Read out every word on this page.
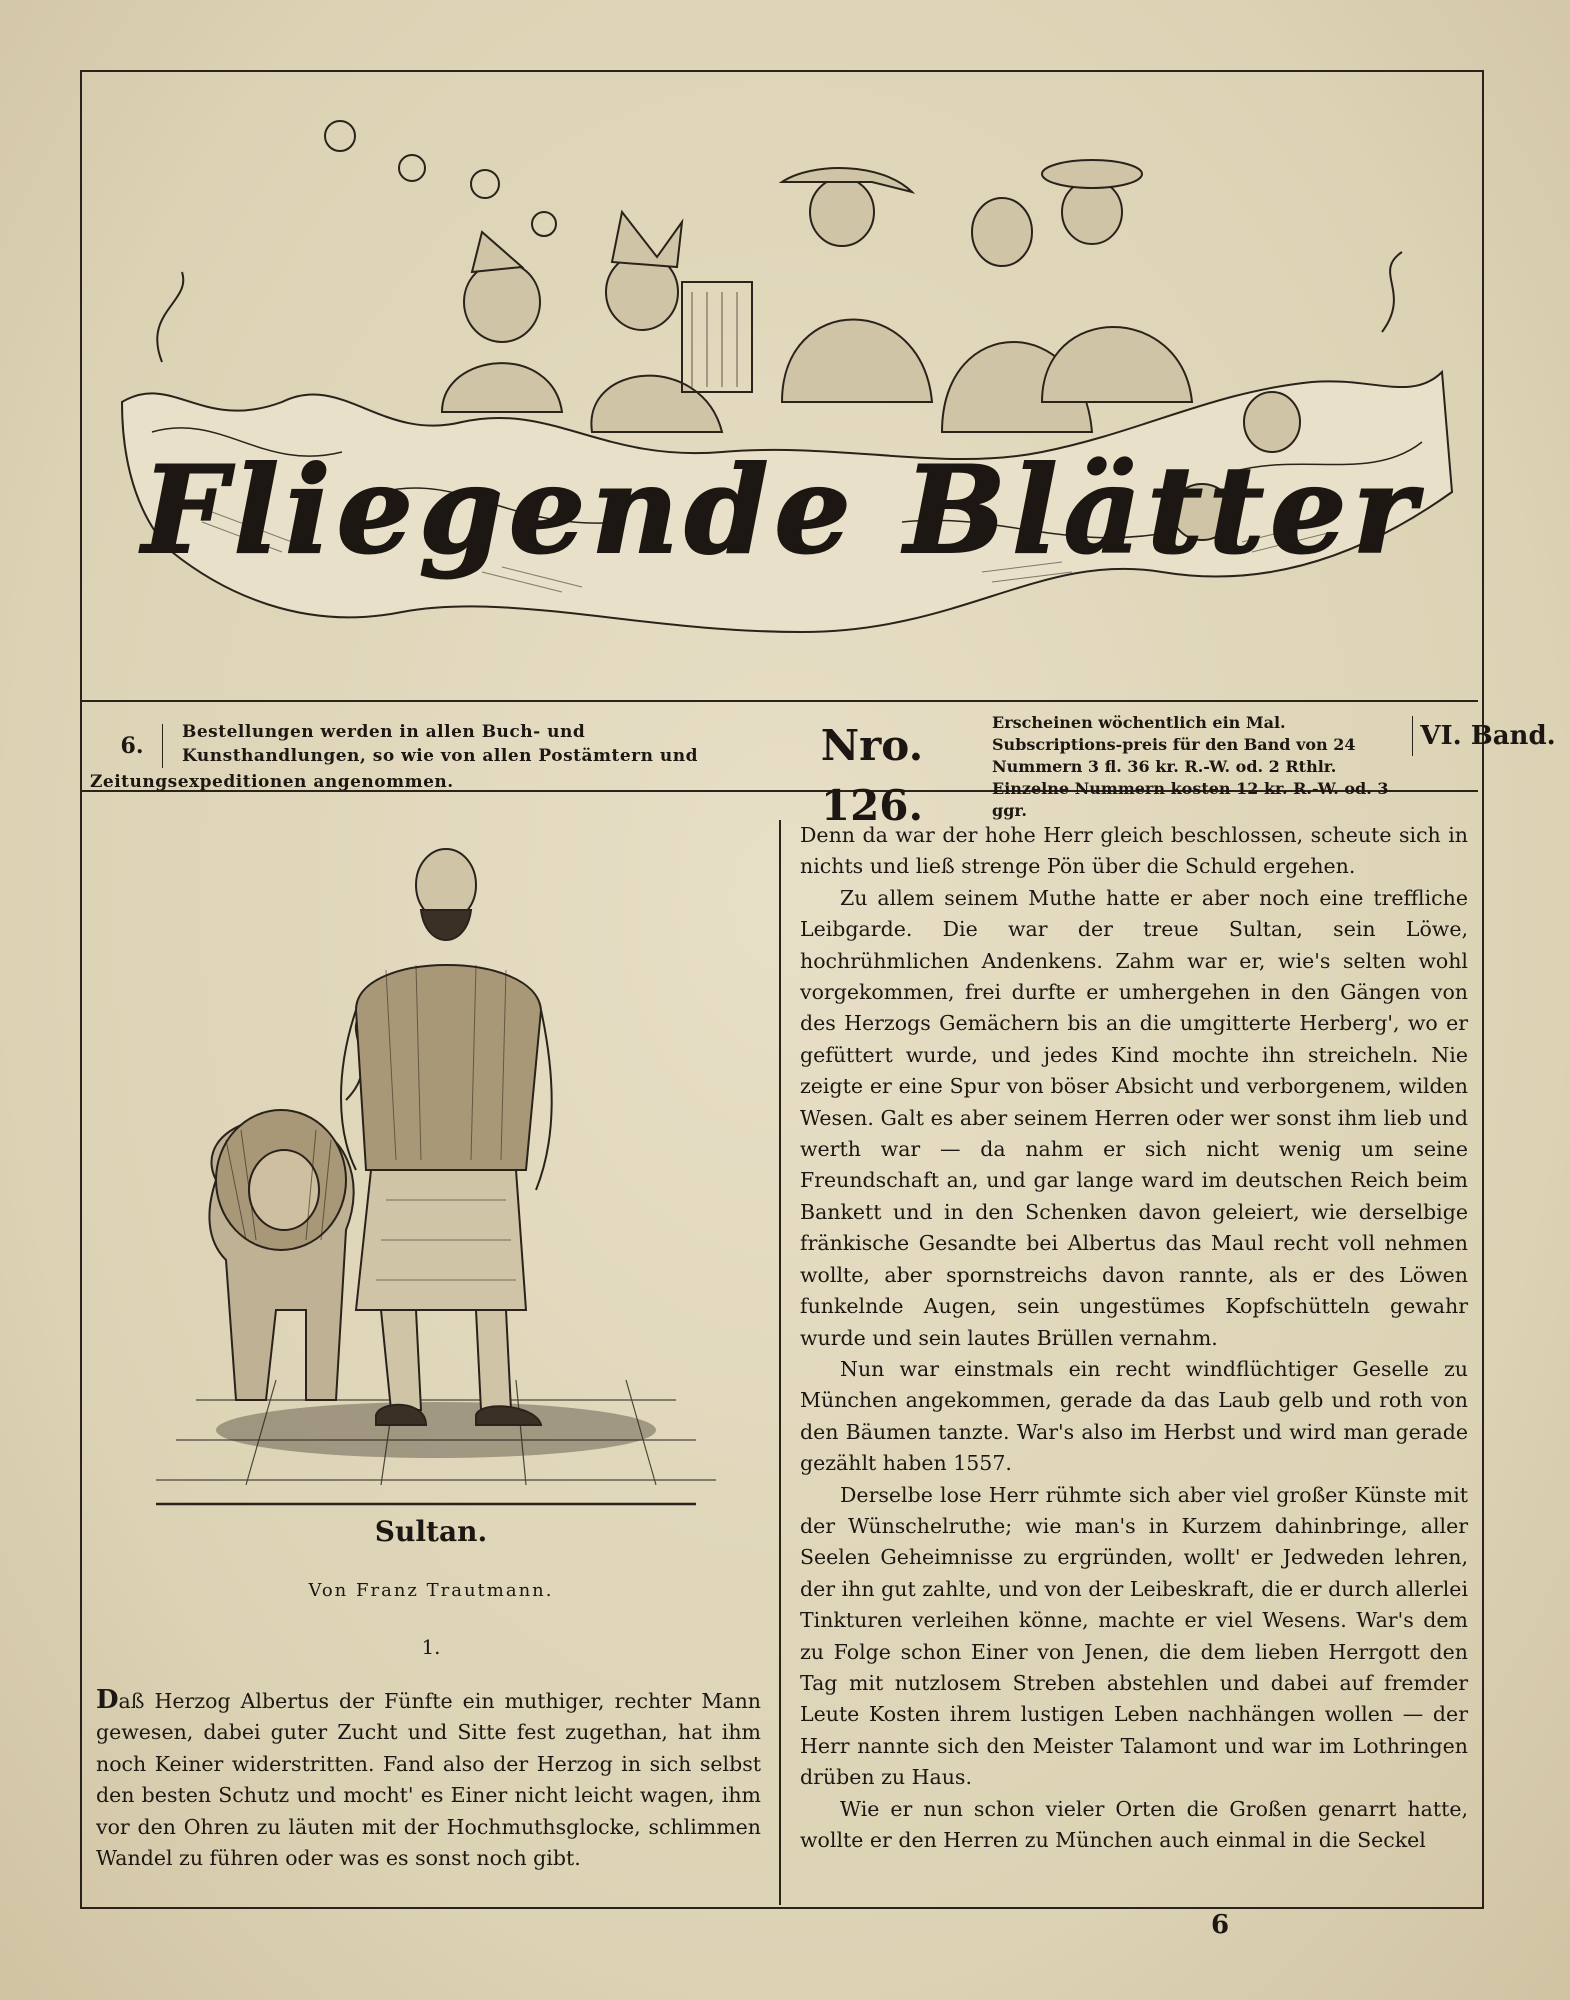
Fliegende Blätter
6.
Bestellungen werden in allen Buch- und Kunsthandlungen, so wie von allen Postämtern und
Zeitungsexpeditionen angenommen.
Nro. 126.
Erscheinen wöchentlich ein Mal. Subscriptions-preis für den Band von 24 Nummern 3 fl. 36 kr. R.-W. od. 2 Rthlr. Einzelne Nummern kosten 12 kr. R.-W. od. 3 ggr.
VI. Band.
Sultan.
Von Franz Trautmann.
1.

Daß Herzog Albertus der Fünfte ein muthiger, rechter Mann gewesen, dabei guter Zucht und Sitte fest zugethan, hat ihm noch Keiner widerstritten. Fand also der Herzog in sich selbst den besten Schutz und mocht' es Einer nicht leicht wagen, ihm vor den Ohren zu läuten mit der Hochmuthsglocke, schlimmen Wandel zu führen oder was es sonst noch gibt.

Denn da war der hohe Herr gleich beschlossen, scheute sich in nichts und ließ strenge Pön über die Schuld ergehen.

Zu allem seinem Muthe hatte er aber noch eine treffliche Leibgarde. Die war der treue Sultan, sein Löwe, hochrühmlichen Andenkens. Zahm war er, wie's selten wohl vorgekommen, frei durfte er umhergehen in den Gängen von des Herzogs Gemächern bis an die umgitterte Herberg', wo er gefüttert wurde, und jedes Kind mochte ihn streicheln. Nie zeigte er eine Spur von böser Absicht und verborgenem, wilden Wesen. Galt es aber seinem Herren oder wer sonst ihm lieb und werth war — da nahm er sich nicht wenig um seine Freundschaft an, und gar lange ward im deutschen Reich beim Bankett und in den Schenken davon geleiert, wie derselbige fränkische Gesandte bei Albertus das Maul recht voll nehmen wollte, aber spornstreichs davon rannte, als er des Löwen funkelnde Augen, sein ungestümes Kopfschütteln gewahr wurde und sein lautes Brüllen vernahm.

Nun war einstmals ein recht windflüchtiger Geselle zu München angekommen, gerade da das Laub gelb und roth von den Bäumen tanzte. War's also im Herbst und wird man gerade gezählt haben 1557.

Derselbe lose Herr rühmte sich aber viel großer Künste mit der Wünschelruthe; wie man's in Kurzem dahinbringe, aller Seelen Geheimnisse zu ergründen, wollt' er Jedweden lehren, der ihn gut zahlte, und von der Leibeskraft, die er durch allerlei Tinkturen verleihen könne, machte er viel Wesens. War's dem zu Folge schon Einer von Jenen, die dem lieben Herrgott den Tag mit nutzlosem Streben abstehlen und dabei auf fremder Leute Kosten ihrem lustigen Leben nachhängen wollen — der Herr nannte sich den Meister Talamont und war im Lothringen drüben zu Haus.

Wie er nun schon vieler Orten die Großen genarrt hatte, wollte er den Herren zu München auch einmal in die Seckel

6
